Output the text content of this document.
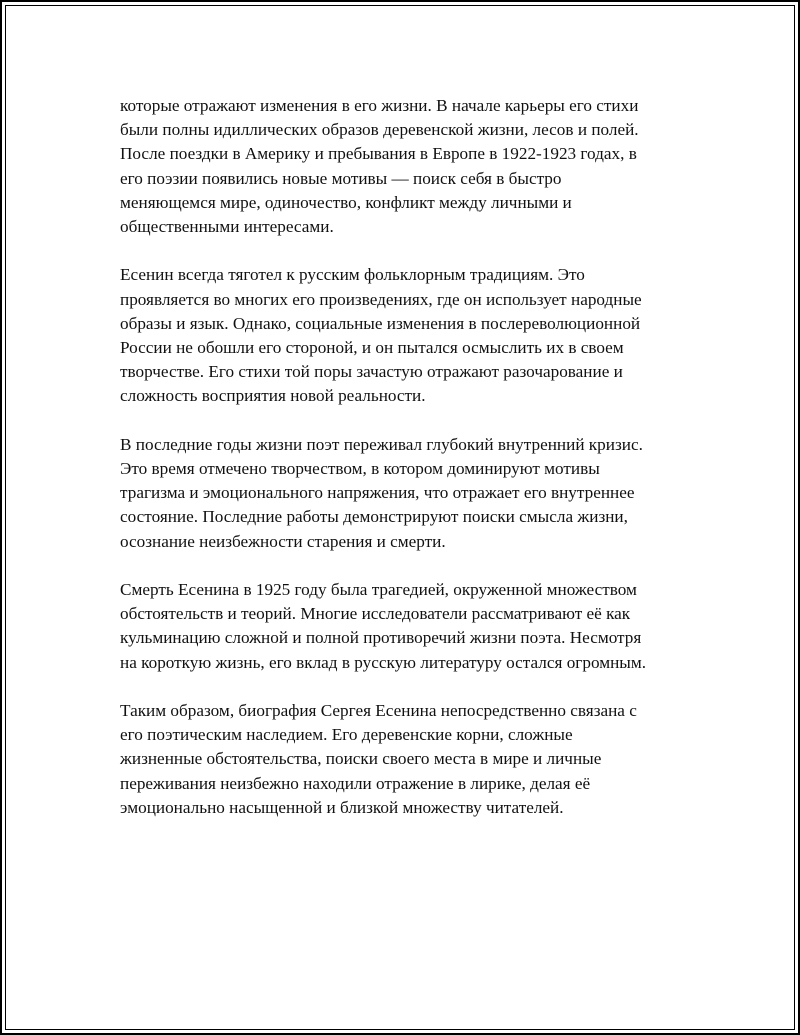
которые отражают изменения в его жизни. В начале карьеры его стихи
были полны идиллических образов деревенской жизни, лесов и полей.
После поездки в Америку и пребывания в Европе в 1922-1923 годах, в
его поэзии появились новые мотивы — поиск себя в быстро
меняющемся мире, одиночество, конфликт между личными и
общественными интересами.

Есенин всегда тяготел к русским фольклорным традициям. Это
проявляется во многих его произведениях, где он использует народные
образы и язык. Однако, социальные изменения в послереволюционной
России не обошли его стороной, и он пытался осмыслить их в своем
творчестве. Его стихи той поры зачастую отражают разочарование и
сложность восприятия новой реальности.

В последние годы жизни поэт переживал глубокий внутренний кризис.
Это время отмечено творчеством, в котором доминируют мотивы
трагизма и эмоционального напряжения, что отражает его внутреннее
состояние. Последние работы демонстрируют поиски смысла жизни,
осознание неизбежности старения и смерти.

Смерть Есенина в 1925 году была трагедией, окруженной множеством
обстоятельств и теорий. Многие исследователи рассматривают её как
кульминацию сложной и полной противоречий жизни поэта. Несмотря
на короткую жизнь, его вклад в русскую литературу остался огромным.

Таким образом, биография Сергея Есенина непосредственно связана с
его поэтическим наследием. Его деревенские корни, сложные
жизненные обстоятельства, поиски своего места в мире и личные
переживания неизбежно находили отражение в лирике, делая её
эмоционально насыщенной и близкой множеству читателей.
